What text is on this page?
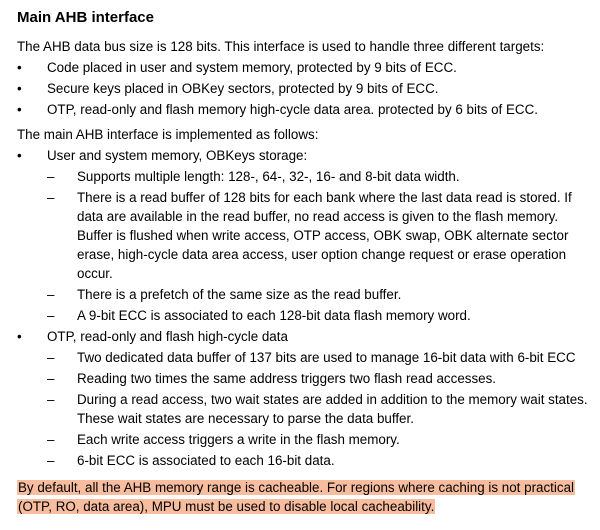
Main AHB interface
The AHB data bus size is 128 bits. This interface is used to handle three different targets:
•	Code placed in user and system memory, protected by 9 bits of ECC.
•	Secure keys placed in OBKey sectors, protected by 9 bits of ECC.
•	OTP, read-only and flash memory high-cycle data area. protected by 6 bits of ECC.
The main AHB interface is implemented as follows:
•	User and system memory, OBKeys storage:
–	Supports multiple length: 128-, 64-, 32-, 16- and 8-bit data width.
–	There is a read buffer of 128 bits for each bank where the last data read is stored. If data are available in the read buffer, no read access is given to the flash memory. Buffer is flushed when write access, OTP access, OBK swap, OBK alternate sector erase, high-cycle data area access, user option change request or erase operation occur.
–	There is a prefetch of the same size as the read buffer.
–	A 9-bit ECC is associated to each 128-bit data flash memory word.
•	OTP, read-only and flash high-cycle data
–	Two dedicated data buffer of 137 bits are used to manage 16-bit data with 6-bit ECC
–	Reading two times the same address triggers two flash read accesses.
–	During a read access, two wait states are added in addition to the memory wait states. These wait states are necessary to parse the data buffer.
–	Each write access triggers a write in the flash memory.
–	6-bit ECC is associated to each 16-bit data.
By default, all the AHB memory range is cacheable. For regions where caching is not practical (OTP, RO, data area), MPU must be used to disable local cacheability.
